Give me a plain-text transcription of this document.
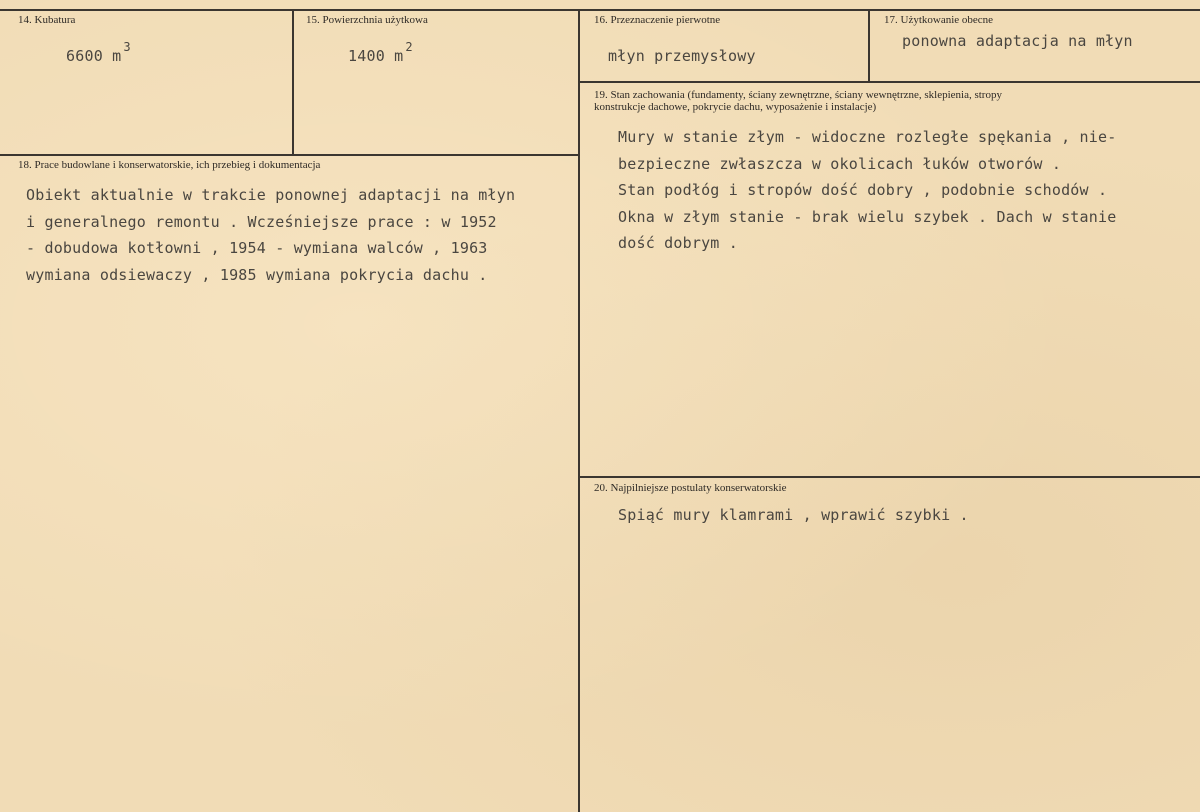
14. Kubatura
6600 m $^3$
15. Powierzchnia użytkowa
1400 m $^2$
16. Przeznaczenie pierwotne
młyn przemysłowy
17. Użytkowanie obecne
ponowna adaptacja na młyn
18. Prace budowlane i konserwatorskie, ich przebieg i dokumentacja
Obiekt aktualnie w trakcie ponownej adaptacji na młyn
i generalnego remontu . Wcześniejsze prace : w 1952
- dobudowa kotłowni , 1954 - wymiana walców , 1963
wymiana odsiewaczy , 1985 wymiana pokrycia dachu .
19. Stan zachowania (fundamenty, ściany zewnętrzne, ściany wewnętrzne, sklepienia, stropy
konstrukcje dachowe, pokrycie dachu, wyposażenie i instalacje)
Mury w stanie złym - widoczne rozległe spękania , nie-
bezpieczne zwłaszcza w okolicach łuków otworów .
Stan podłóg i stropów dość dobry , podobnie schodów .
Okna w złym stanie - brak wielu szybek . Dach w stanie
dość dobrym .
20. Najpilniejsze postulaty konserwatorskie
Spiąć mury klamrami , wprawić szybki .
